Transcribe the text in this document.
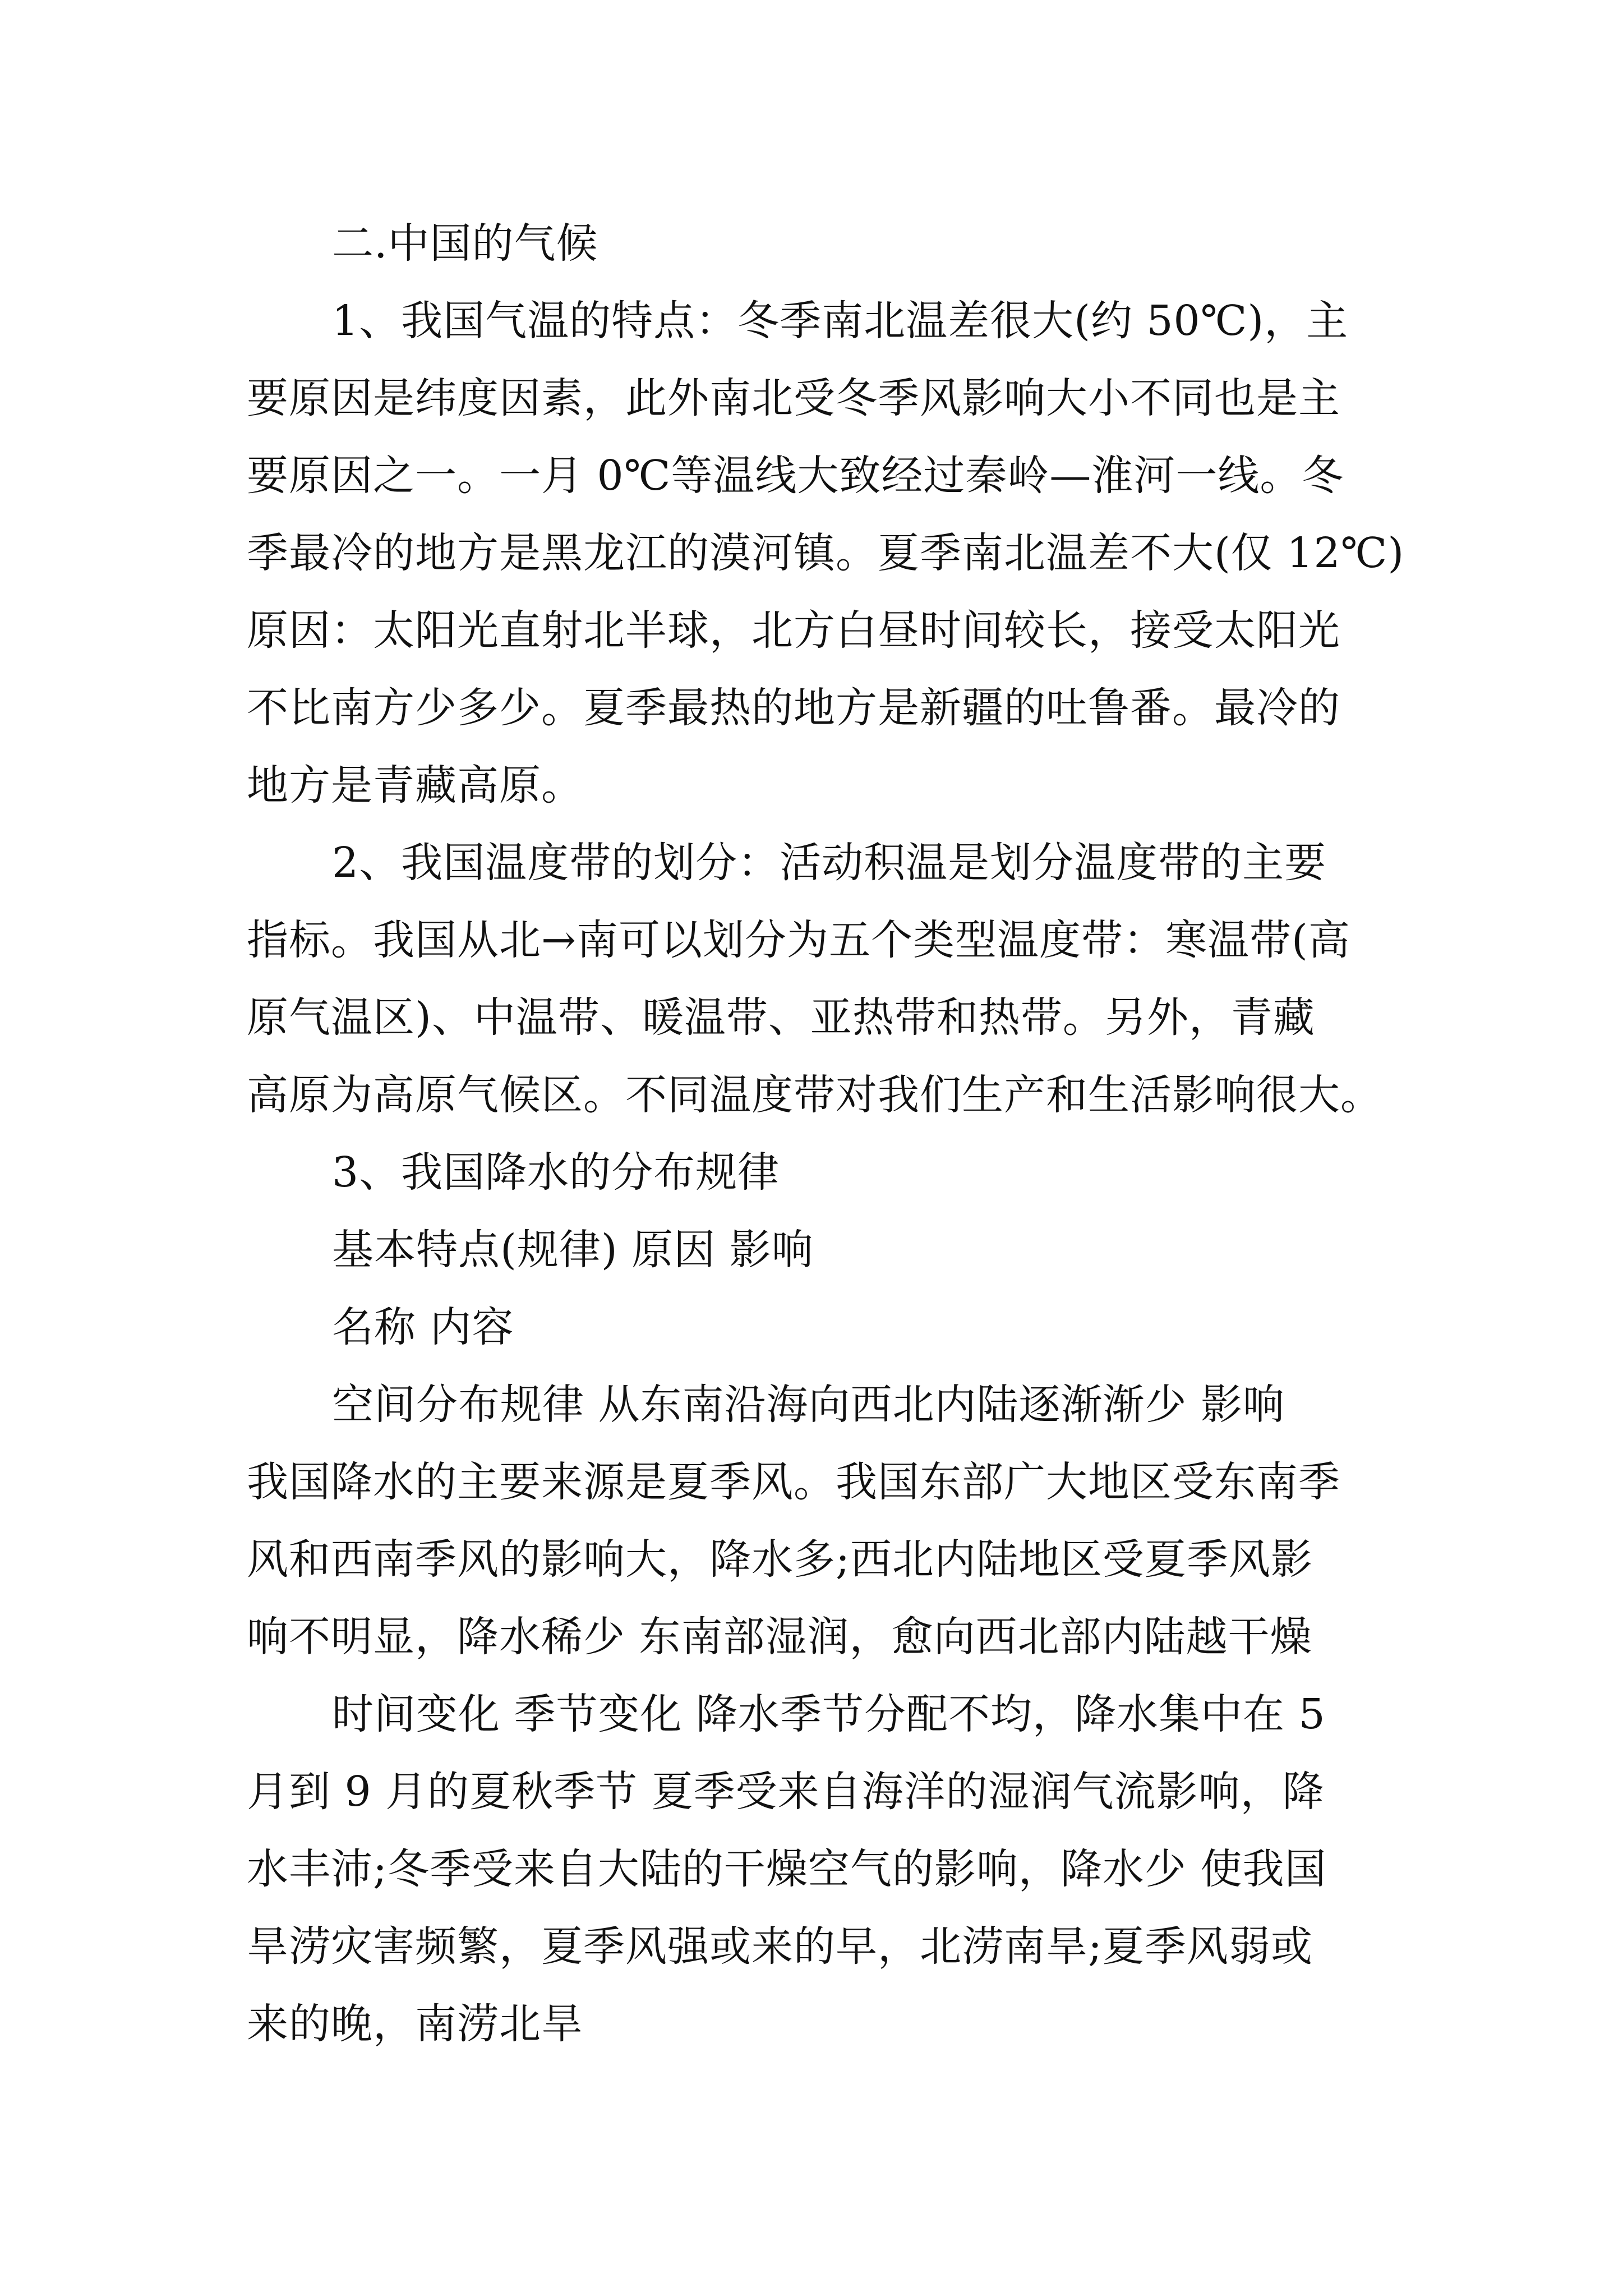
二.中国的气候
1、我国气温的特点：冬季南北温差很大(约 50℃)，主
要原因是纬度因素，此外南北受冬季风影响大小不同也是主
要原因之一。一月 0℃等温线大致经过秦岭—淮河一线。冬
季最冷的地方是黑龙江的漠河镇。夏季南北温差不大(仅 12℃)
原因：太阳光直射北半球，北方白昼时间较长，接受太阳光
不比南方少多少。夏季最热的地方是新疆的吐鲁番。最冷的
地方是青藏高原。
2、我国温度带的划分：活动积温是划分温度带的主要
指标。我国从北→南可以划分为五个类型温度带：寒温带(高
原气温区)、中温带、暖温带、亚热带和热带。另外，青藏
高原为高原气候区。不同温度带对我们生产和生活影响很大。
3、我国降水的分布规律
基本特点(规律) 原因 影响
名称 内容
空间分布规律 从东南沿海向西北内陆逐渐渐少 影响
我国降水的主要来源是夏季风。我国东部广大地区受东南季
风和西南季风的影响大，降水多;西北内陆地区受夏季风影
响不明显，降水稀少 东南部湿润，愈向西北部内陆越干燥
时间变化 季节变化 降水季节分配不均，降水集中在 5
月到 9 月的夏秋季节 夏季受来自海洋的湿润气流影响，降
水丰沛;冬季受来自大陆的干燥空气的影响，降水少 使我国
旱涝灾害频繁，夏季风强或来的早，北涝南旱;夏季风弱或
来的晚，南涝北旱
